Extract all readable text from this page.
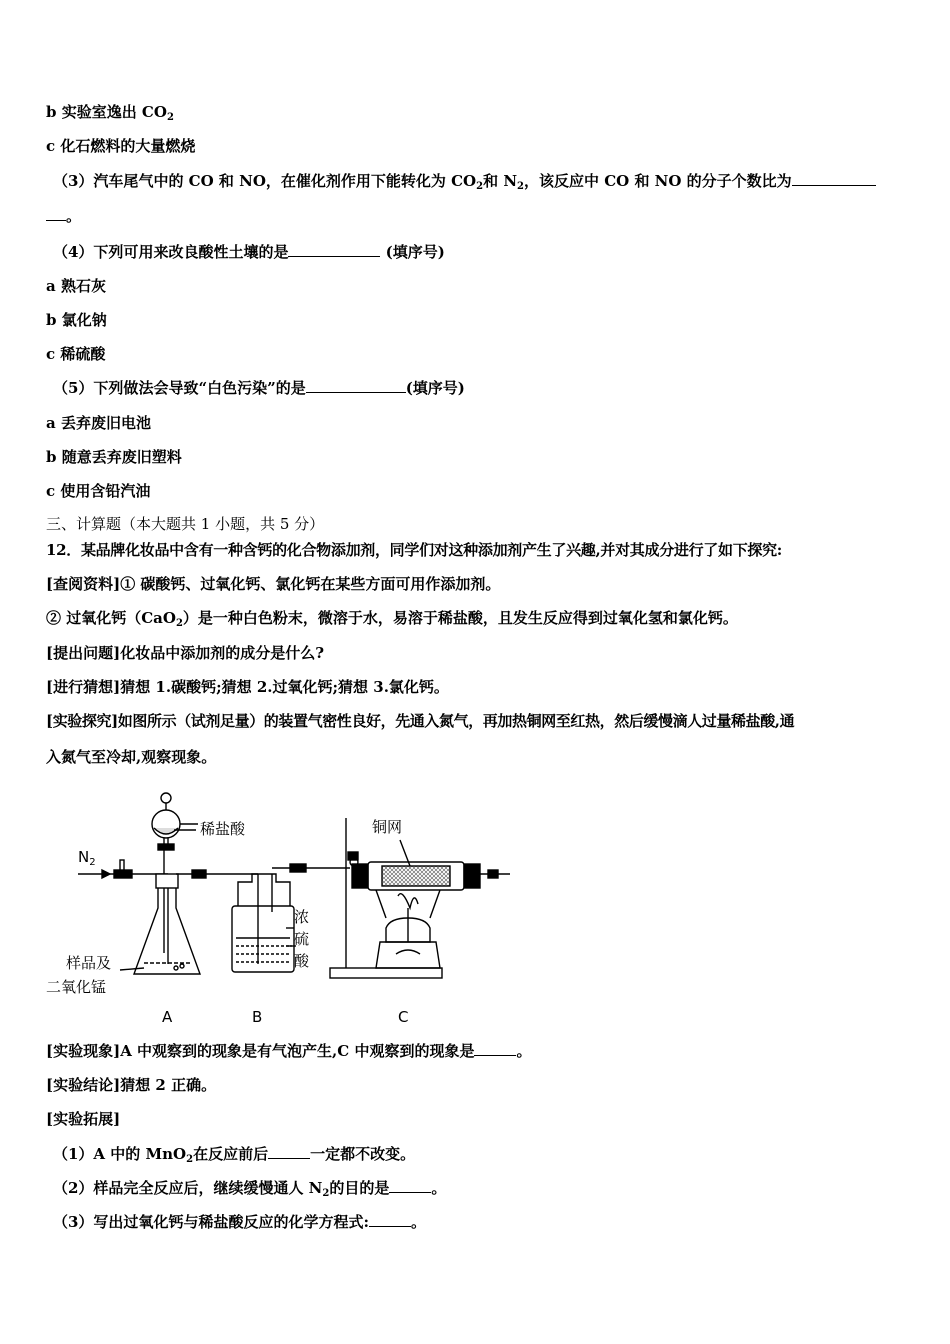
b 实验室逸出 $CO_2$
c 化石燃料的大量燃烧
（3）汽车尾气中的 CO 和 NO，在催化剂作用下能转化为 $CO_2$和 $N_2$，该反应中 CO 和 NO 的分子个数比为
。
（4）下列可用来改良酸性土壤的是	(填序号)
a 熟石灰
b 氯化钠
c 稀硫酸
（5）下列做法会导致“白色污染”的是	(填序号)
a 丢弃废旧电池
b 随意丢弃废旧塑料
c 使用含铅汽油
三、计算题（本大题共 1 小题，共 5 分）
12．某品牌化妆品中含有一种含钙的化合物添加剂，同学们对这种添加剂产生了兴趣,并对其成分进行了如下探究:
[查阅资料]① 碳酸钙、过氧化钙、氯化钙在某些方面可用作添加剂。
② 过氧化钙（CaO$_2$）是一种白色粉末，微溶于水，易溶于稀盐酸，且发生反应得到过氧化氢和氯化钙。
[提出问题]化妆品中添加剂的成分是什么?
[进行猜想]猜想 1.碳酸钙;猜想 2.过氧化钙;猜想 3.氯化钙。
[实验探究]如图所示（试剂足量）的装置气密性良好，先通入氮气，再加热铜网至红热，然后缓慢滴人过量稀盐酸,通
入氮气至冷却,观察现象。
$N_2$
稀盐酸	铜网
浓
硫
酸
样品及
二氧化锰
A	B	C
[实验现象]A 中观察到的现象是有气泡产生,C 中观察到的现象是	。
[实验结论]猜想 2 正确。
[实验拓展]
（1）A 中的 MnO$_2$在反应前后	一定都不改变。
（2）样品完全反应后，继续缓慢通人 $N_2$的目的是	。
（3）写出过氧化钙与稀盐酸反应的化学方程式:	。
